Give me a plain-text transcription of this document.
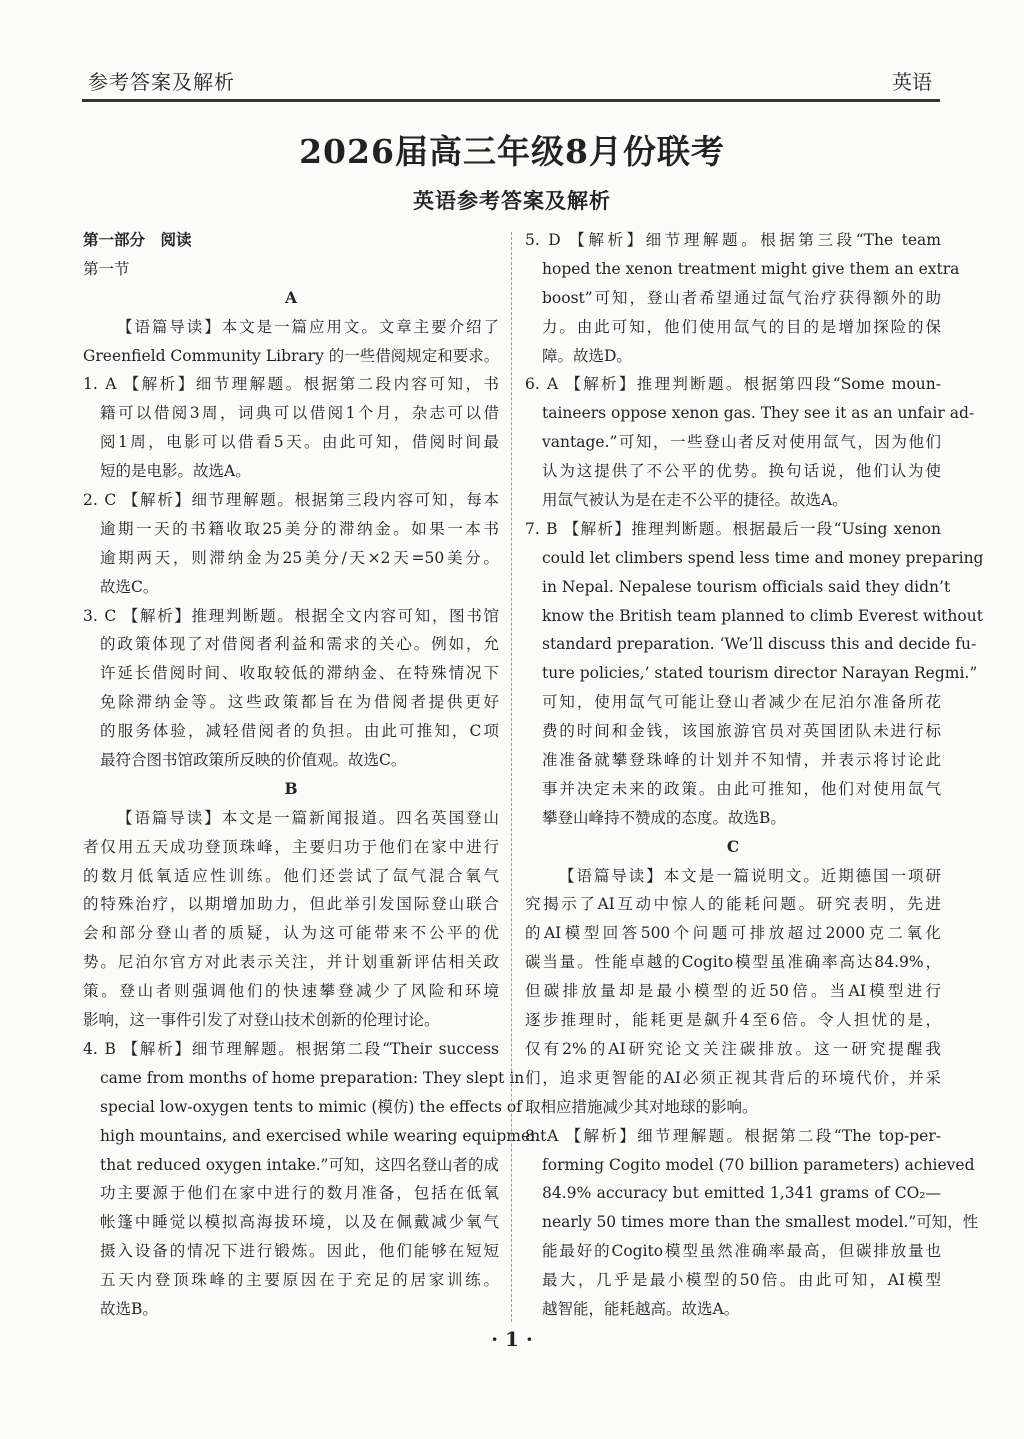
参考答案及解析	英语
2026届高三年级8月份联考
英语参考答案及解析
第一部分　阅读
第一节
A
【语篇导读】本文是一篇应用文。文章主要介绍了
Greenfield Community Library 的一些借阅规定和要求。
1. A 【解析】细节理解题。根据第二段内容可知，书
籍可以借阅3周，词典可以借阅1个月，杂志可以借
阅1周，电影可以借看5天。由此可知，借阅时间最
短的是电影。故选A。
2. C 【解析】细节理解题。根据第三段内容可知，每本
逾期一天的书籍收取25美分的滞纳金。如果一本书
逾期两天，则滞纳金为25美分/天×2天=50美分。
故选C。
3. C 【解析】推理判断题。根据全文内容可知，图书馆
的政策体现了对借阅者利益和需求的关心。例如，允
许延长借阅时间、收取较低的滞纳金、在特殊情况下
免除滞纳金等。这些政策都旨在为借阅者提供更好
的服务体验，减轻借阅者的负担。由此可推知，C项
最符合图书馆政策所反映的价值观。故选C。
B
【语篇导读】本文是一篇新闻报道。四名英国登山
者仅用五天成功登顶珠峰，主要归功于他们在家中进行
的数月低氧适应性训练。他们还尝试了氙气混合氧气
的特殊治疗，以期增加助力，但此举引发国际登山联合
会和部分登山者的质疑，认为这可能带来不公平的优
势。尼泊尔官方对此表示关注，并计划重新评估相关政
策。登山者则强调他们的快速攀登减少了风险和环境
影响，这一事件引发了对登山技术创新的伦理讨论。
4. B 【解析】细节理解题。根据第二段“Their success
came from months of home preparation: They slept in
special low-oxygen tents to mimic (模仿) the effects of
high mountains, and exercised while wearing equipment
that reduced oxygen intake.”可知，这四名登山者的成
功主要源于他们在家中进行的数月准备，包括在低氧
帐篷中睡觉以模拟高海拔环境，以及在佩戴减少氧气
摄入设备的情况下进行锻炼。因此，他们能够在短短
五天内登顶珠峰的主要原因在于充足的居家训练。
故选B。
5. D 【解析】细节理解题。根据第三段“The team
hoped the xenon treatment might give them an extra
boost”可知，登山者希望通过氙气治疗获得额外的助
力。由此可知，他们使用氙气的目的是增加探险的保
障。故选D。
6. A 【解析】推理判断题。根据第四段“Some moun-
taineers oppose xenon gas. They see it as an unfair ad-
vantage.”可知，一些登山者反对使用氙气，因为他们
认为这提供了不公平的优势。换句话说，他们认为使
用氙气被认为是在走不公平的捷径。故选A。
7. B 【解析】推理判断题。根据最后一段“Using xenon
could let climbers spend less time and money preparing
in Nepal. Nepalese tourism officials said they didn’t
know the British team planned to climb Everest without
standard preparation. ‘We’ll discuss this and decide fu-
ture policies,’ stated tourism director Narayan Regmi.”
可知，使用氙气可能让登山者减少在尼泊尔准备所花
费的时间和金钱，该国旅游官员对英国团队未进行标
准准备就攀登珠峰的计划并不知情，并表示将讨论此
事并决定未来的政策。由此可推知，他们对使用氙气
攀登山峰持不赞成的态度。故选B。
C
【语篇导读】本文是一篇说明文。近期德国一项研
究揭示了AI互动中惊人的能耗问题。研究表明，先进
的AI模型回答500个问题可排放超过2000克二氧化
碳当量。性能卓越的Cogito模型虽准确率高达84.9%，
但碳排放量却是最小模型的近50倍。当AI模型进行
逐步推理时，能耗更是飙升4至6倍。令人担忧的是，
仅有2%的AI研究论文关注碳排放。这一研究提醒我
们，追求更智能的AI必须正视其背后的环境代价，并采
取相应措施减少其对地球的影响。
8. A 【解析】细节理解题。根据第二段“The top-per-
forming Cogito model (70 billion parameters) achieved
84.9% accuracy but emitted 1,341 grams of CO₂—
nearly 50 times more than the smallest model.”可知，性
能最好的Cogito模型虽然准确率最高，但碳排放量也
最大，几乎是最小模型的50倍。由此可知，AI模型
越智能，能耗越高。故选A。
· 1 ·
